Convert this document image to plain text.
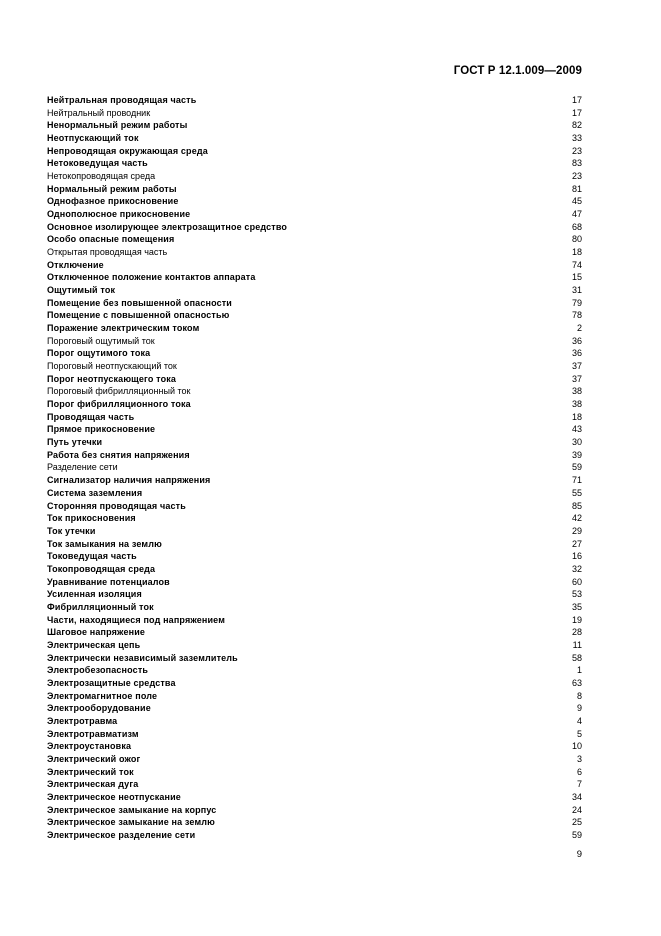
ГОСТ Р 12.1.009—2009
Нейтральная проводящая часть	17
Нейтральный проводник	17
Ненормальный режим работы	82
Неотпускающий ток	33
Непроводящая окружающая среда	23
Нетоковедущая часть	83
Нетокопроводящая среда	23
Нормальный режим работы	81
Однофазное прикосновение	45
Однополюсное прикосновение	47
Основное изолирующее электрозащитное средство	68
Особо опасные помещения	80
Открытая проводящая часть	18
Отключение	74
Отключенное положение контактов аппарата	15
Ощутимый ток	31
Помещение без повышенной опасности	79
Помещение с повышенной опасностью	78
Поражение электрическим током	2
Пороговый ощутимый ток	36
Порог ощутимого тока	36
Пороговый неотпускающий ток	37
Порог неотпускающего тока	37
Пороговый фибрилляционный ток	38
Порог фибрилляционного тока	38
Проводящая часть	18
Прямое прикосновение	43
Путь утечки	30
Работа без снятия напряжения	39
Разделение сети	59
Сигнализатор наличия напряжения	71
Система заземления	55
Сторонняя проводящая часть	85
Ток прикосновения	42
Ток утечки	29
Ток замыкания на землю	27
Токоведущая часть	16
Токопроводящая среда	32
Уравнивание потенциалов	60
Усиленная изоляция	53
Фибрилляционный ток	35
Части, находящиеся под напряжением	19
Шаговое напряжение	28
Электрическая цепь	11
Электрически независимый заземлитель	58
Электробезопасность	1
Электрозащитные средства	63
Электромагнитное поле	8
Электрооборудование	9
Электротравма	4
Электротравматизм	5
Электроустановка	10
Электрический ожог	3
Электрический ток	6
Электрическая дуга	7
Электрическое неотпускание	34
Электрическое замыкание на корпус	24
Электрическое замыкание на землю	25
Электрическое разделение сети	59
9
